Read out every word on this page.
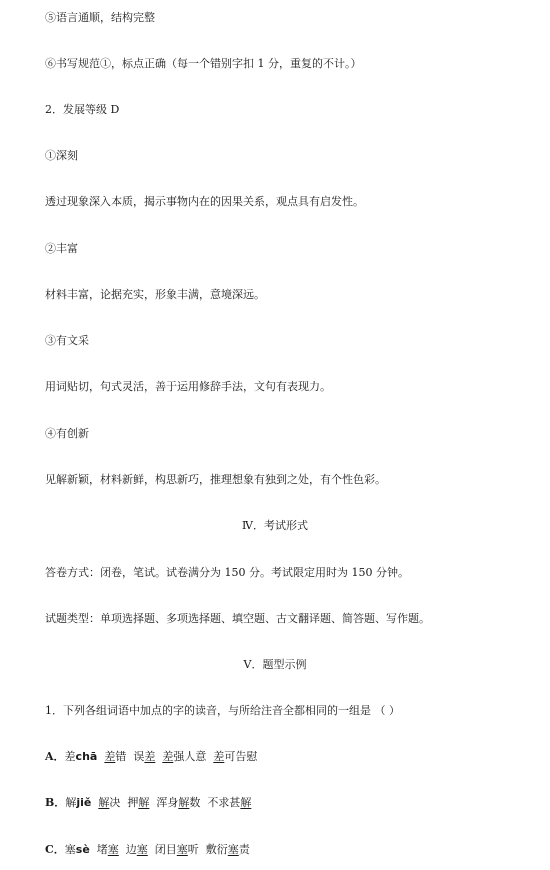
⑤语言通顺，结构完整
⑥书写规范①，标点正确（每一个错别字扣 1 分，重复的不计。）
2．发展等级 D
①深刻
透过现象深入本质，揭示事物内在的因果关系，观点具有启发性。
②丰富
材料丰富，论据充实，形象丰满，意境深远。
③有文采
用词贴切，句式灵活，善于运用修辞手法，文句有表现力。
④有创新
见解新颖，材料新鲜，构思新巧，推理想象有独到之处，有个性色彩。
Ⅳ．考试形式
答卷方式：闭卷，笔试。试卷满分为 150 分。考试限定用时为 150 分钟。
试题类型：单项选择题、多项选择题、填空题、古文翻译题、简答题、写作题。
Ⅴ．题型示例
1．下列各组词语中加点的字的读音，与所给注音全都相同的一组是 （ ）
A．差chā 差错 误差 差强人意 差可告慰
B．解jiě 解决 押解 浑身解数 不求甚解
C．塞sè 堵塞 边塞 闭目塞听 敷衍塞责
